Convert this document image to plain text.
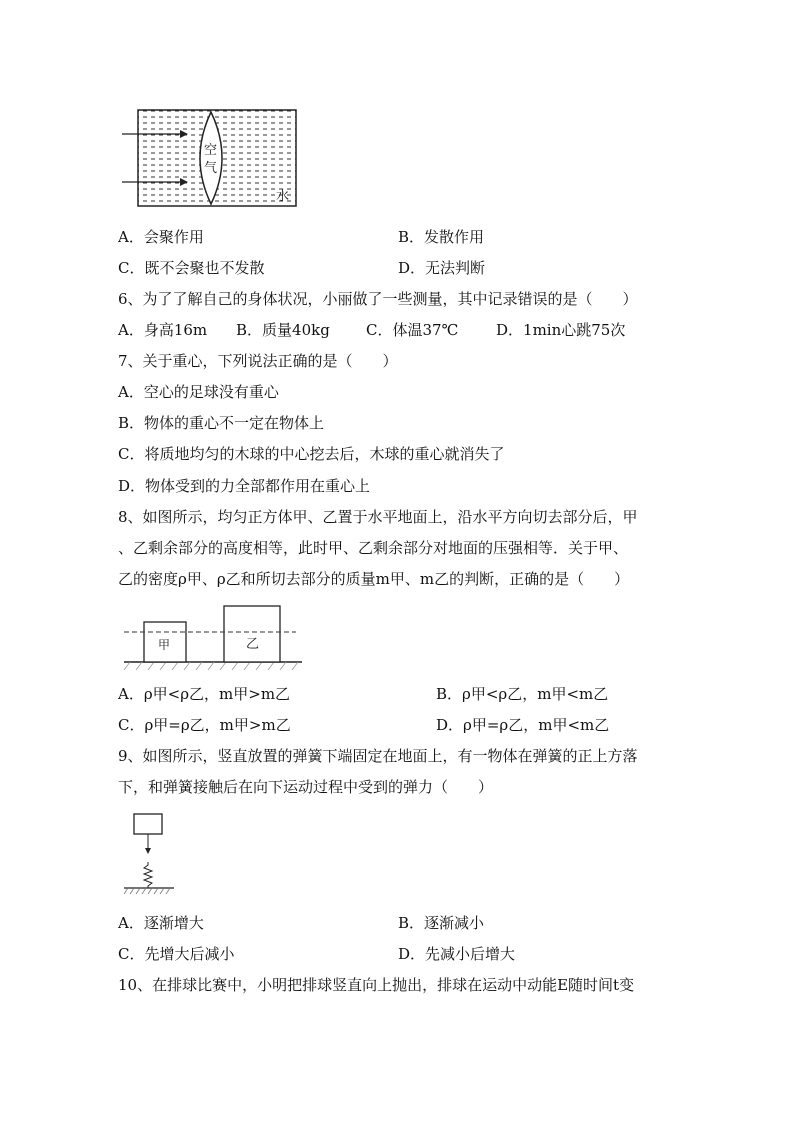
空
气
水
A．会聚作用	B．发散作用
C．既不会聚也不发散	D．无法判断
6、为了了解自己的身体状况，小丽做了一些测量，其中记录错误的是（　　）
A．身高16m B．质量40kg C．体温37℃	D．1min心跳75次
7、关于重心，下列说法正确的是（　　）
A．空心的足球没有重心
B．物体的重心不一定在物体上
C．将质地均匀的木球的中心挖去后，木球的重心就消失了
D．物体受到的力全部都作用在重心上
8、如图所示，均匀正方体甲、乙置于水平地面上，沿水平方向切去部分后，甲
、乙剩余部分的高度相等，此时甲、乙剩余部分对地面的压强相等．关于甲、
乙的密度ρ甲、ρ乙和所切去部分的质量m甲、m乙的判断，正确的是（　　）
甲	乙
A．ρ甲<ρ乙，m甲>m乙	B．ρ甲<ρ乙，m甲<m乙
C．ρ甲=ρ乙，m甲>m乙	D．ρ甲=ρ乙，m甲<m乙
9、如图所示，竖直放置的弹簧下端固定在地面上，有一物体在弹簧的正上方落
下，和弹簧接触后在向下运动过程中受到的弹力（　　）
A．逐渐增大	B．逐渐减小
C．先增大后减小	D．先减小后增大
10、在排球比赛中，小明把排球竖直向上抛出，排球在运动中动能E随时间t变
